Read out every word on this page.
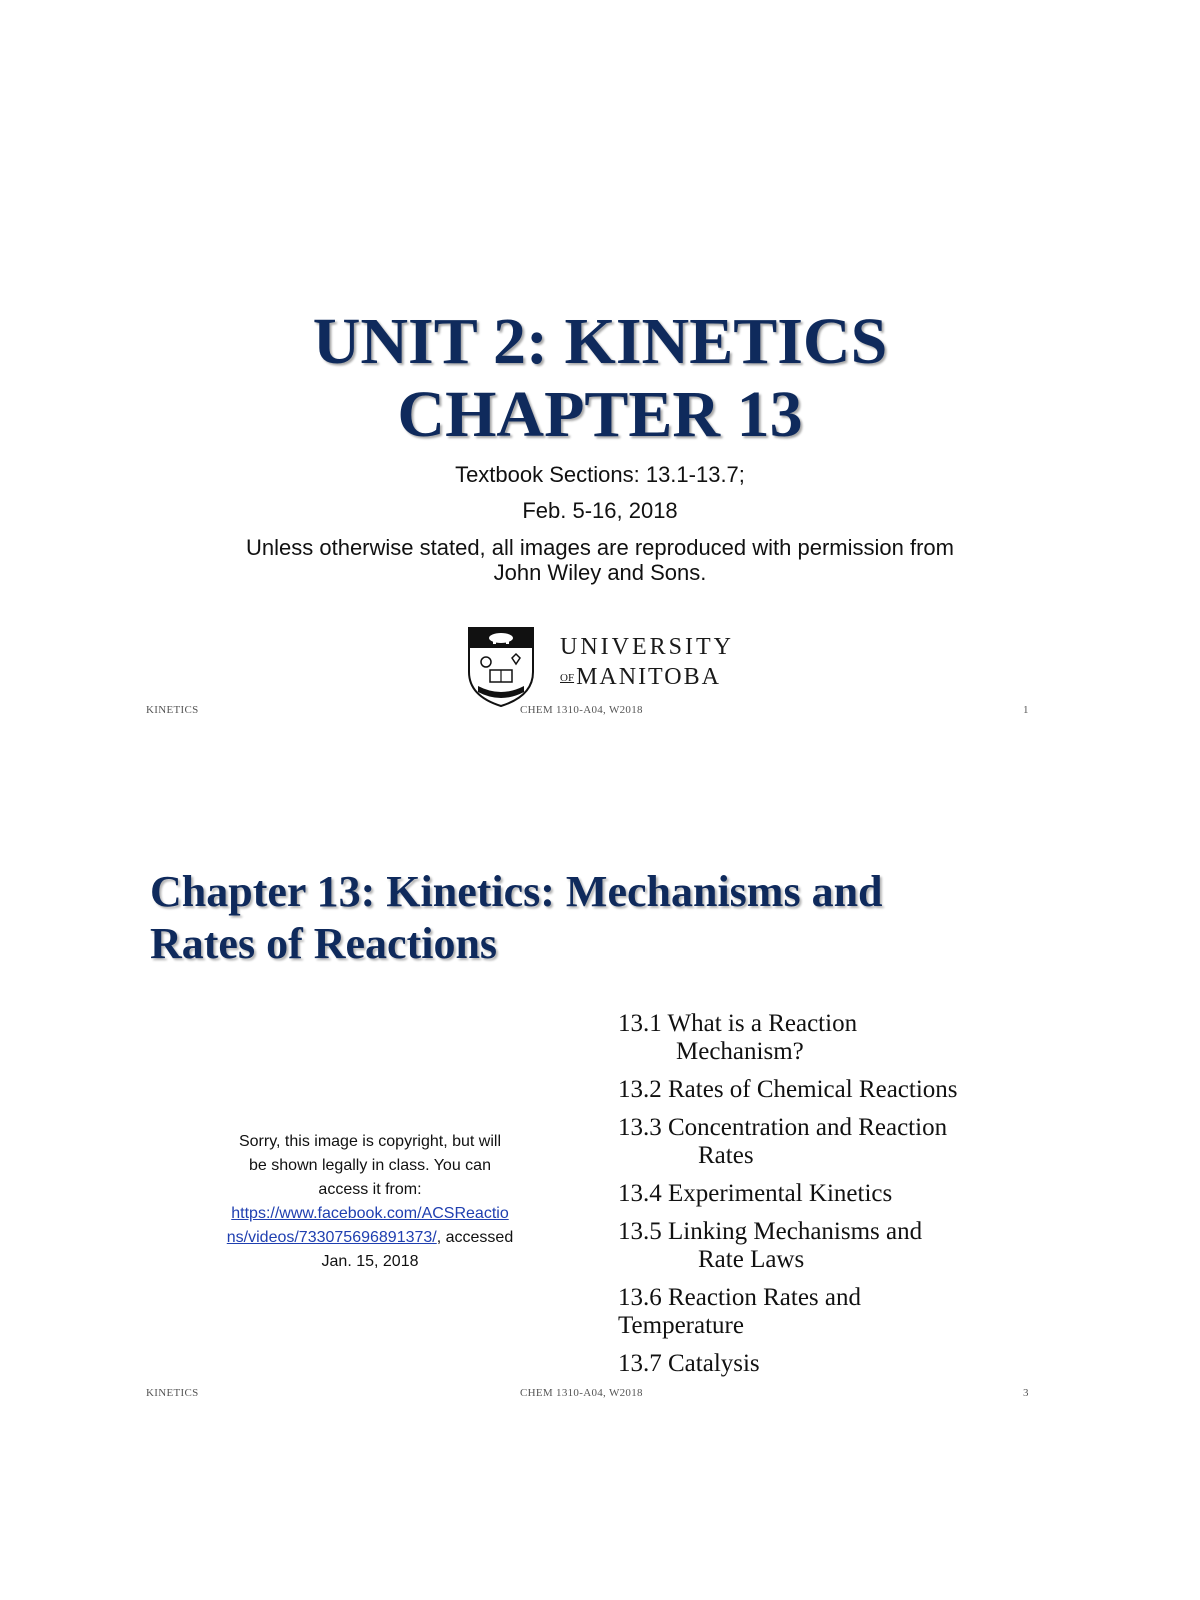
UNIT 2: KINETICS
CHAPTER 13
Textbook Sections: 13.1-13.7;
Feb. 5-16, 2018
Unless otherwise stated, all images are reproduced with permission from
John Wiley and Sons.
UNIVERSITY
OFMANITOBA
KINETICS	CHEM 1310-A04, W2018	1
Chapter 13: Kinetics: Mechanisms and
Rates of Reactions
Sorry, this image is copyright, but will
be shown legally in class. You can
access it from:
https://www.facebook.com/ACSReactio
ns/videos/733075696891373/, accessed
Jan. 15, 2018
13.1 What is a Reaction
Mechanism?
13.2 Rates of Chemical Reactions
13.3 Concentration and Reaction
Rates
13.4 Experimental Kinetics
13.5 Linking Mechanisms and
Rate Laws
13.6 Reaction Rates and
Temperature
13.7 Catalysis
KINETICS	CHEM 1310-A04, W2018	3
